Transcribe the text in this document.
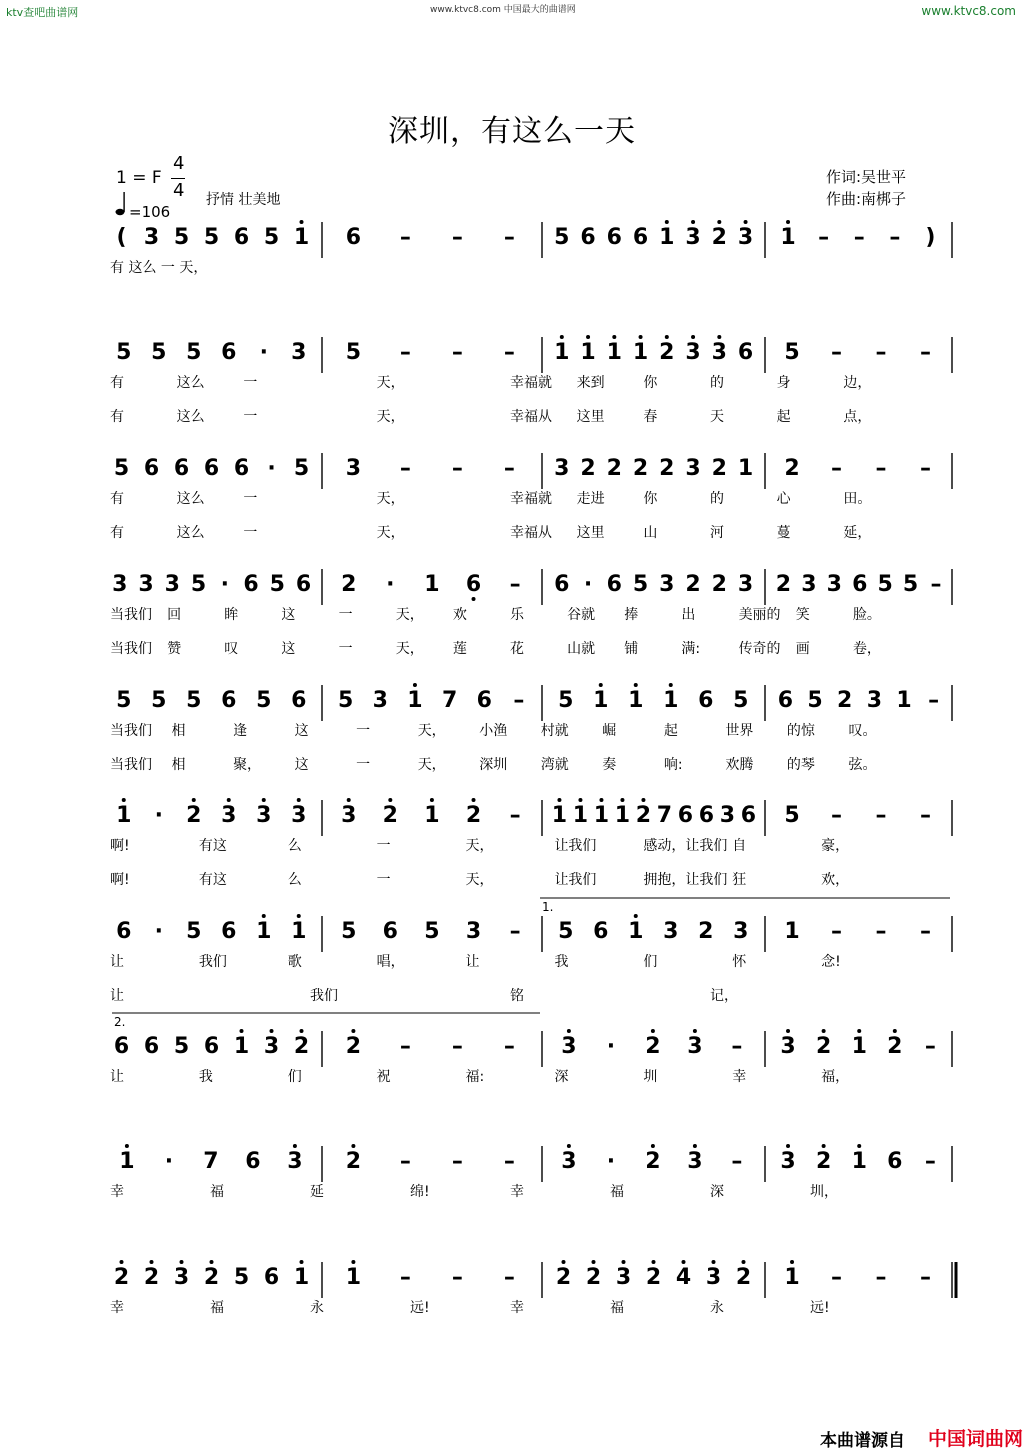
ktv查吧曲谱网	www.ktvc8.com 中国最大的曲谱网	www.ktvc8.com
深圳，有这么一天
1 = F
4
4
=106
抒情 壮美地
作词:吴世平
作曲:南梆子
( 3 5 5 6 5 1 6 – – – 5 6 6 6 1 3 2 3 1 – – – )
有 这么 一 天，
5 5 5 6 · 3 5 – – – 1 1 1 1 2 3 3 6 5 – – –
有	这么	一	天，	幸福就 来到	你	的	身	边，
有	这么	一	天，	幸福从 这里	春	天	起	点，
5 6 6 6 6 · 5 3 – – – 3 2 2 2 2 3 2 1 2 – – –
有	这么	一	天，	幸福就 走进	你	的	心	田。
有	这么	一	天，	幸福从 这里	山	河	蔓	延，
3 3 3 5 · 6 5 6 2 · 1 6 – 6 · 6 5 3 2 2 3 2 3 3 6 5 5 –
当我们 回	眸	这	一	天， 欢	乐	谷就 捧	出	美丽的 笑	脸。
当我们 赞	叹	这	一	天， 莲	花	山就 铺	满:	传奇的 画	卷，
5 5 5 6 5 6 5 3 1 7 6 – 5 1 1 1 6 5 6 5 2 3 1 –
当我们 相	逢	这	一	天， 小渔 村就 崛	起	世界 的惊 叹。
当我们 相	聚， 这	一	天， 深圳 湾就 奏	响:	欢腾 的琴 弦。
1 · 2 3 3 3 3 2 1 2 – 1 1 1 1 2 7 6 6 3 6 5 – – –
啊!	有这	么	一	天，	让我们	感动，让我们 自	豪，
啊!	有这	么	一	天，	让我们	拥抱，让我们 狂	欢，
1.
6 · 5 6 1 1 5 6 5 3 – 5 6 1 3 2 3 1 – – –
让	我们	歌	唱，	让	我	们	怀	念!
让	我们	铭	记，
2.
6 6 5 6 1 3 2 2 – – – 3 · 2 3 – 3 2 1 2 –
让	我	们	祝	福:	深	圳	幸	福，
1 · 7 6 3 2 – – – 3 · 2 3 – 3 2 1 6 –
幸	福	延	绵!	幸	福	深	圳，
2 2 3 2 5 6 1 1 – – – 2 2 3 2 4 3 2 1 – – –
幸	福	永	远!	幸	福	永	远!
本曲谱源自 中国词曲网
